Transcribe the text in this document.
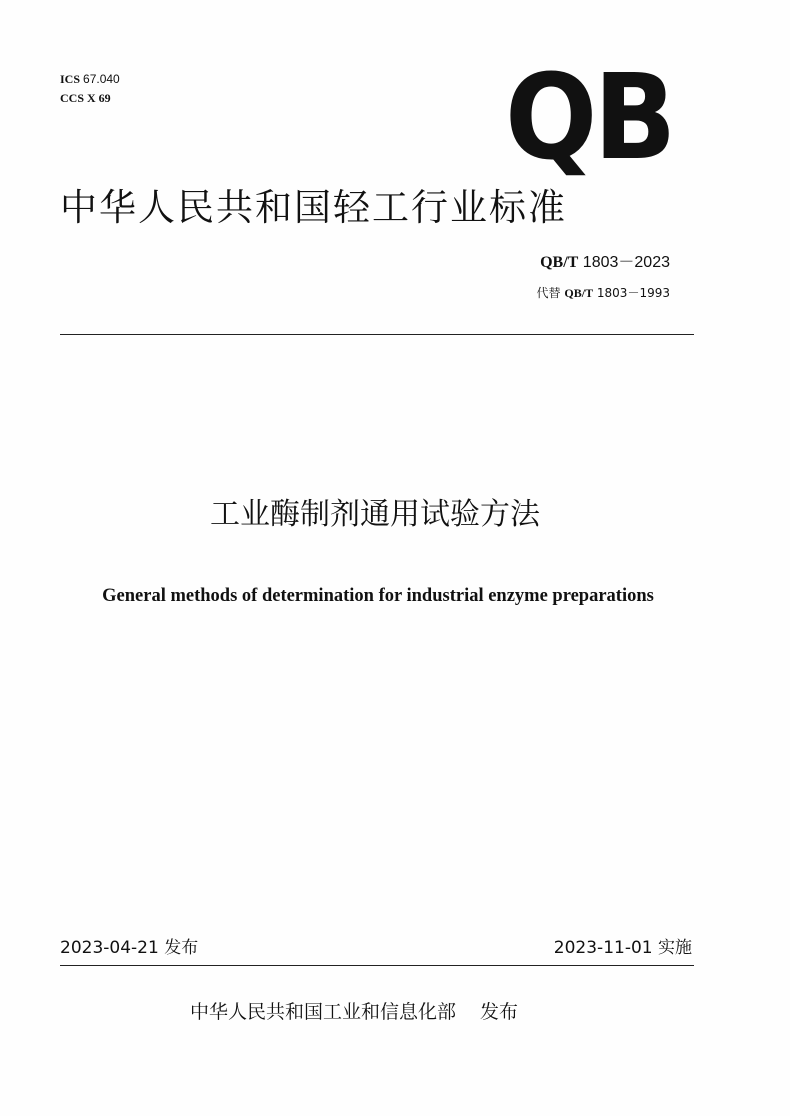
ICS 67.040
CCS X 69	QB
中华人民共和国轻工行业标准
QB/T 1803－2023
代替 QB/T 1803－1993
工业酶制剂通用试验方法
General methods of determination for industrial enzyme preparations
2023-04-21 发布	2023-11-01 实施
中华人民共和国工业和信息化部 发布
